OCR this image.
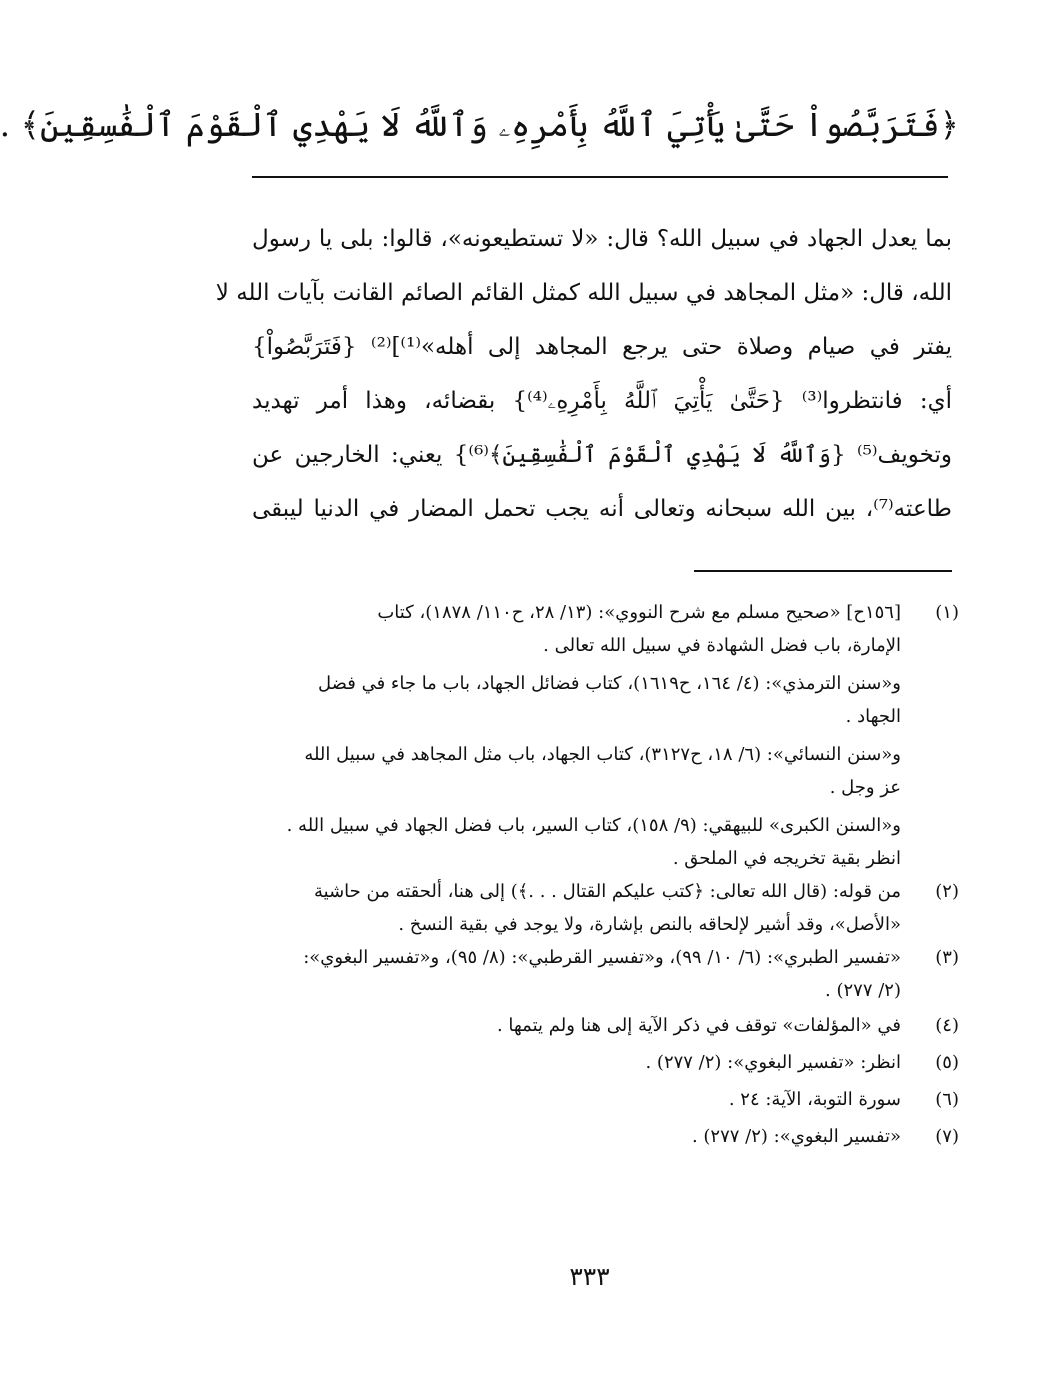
﴿فَتَرَبَّصُواْ حَتَّىٰ يَأْتِيَ ٱللَّهُ بِأَمْرِهِۦ وَٱللَّهُ لَا يَهْدِي ٱلْقَوْمَ ٱلْفَٰسِقِينَ﴾ .
بما يعدل الجهاد في سبيل الله؟ قال: «لا تستطيعونه»، قالوا: بلى يا رسول
الله، قال: «مثل المجاهد في سبيل الله كمثل القائم الصائم القانت بآيات الله لا
يفتر في صيام وصلاة حتى يرجع المجاهد إلى أهله»⁽¹⁾]⁽²⁾ {فَتَرَبَّصُواْ}
أي: فانتظروا⁽³⁾ {حَتَّىٰ يَأْتِيَ ٱللَّهُ بِأَمْرِهِۦ⁽⁴⁾} بقضائه، وهذا أمر تهديد
وتخويف⁽⁵⁾ {وَٱللَّهُ لَا يَهْدِي ٱلْقَوْمَ ٱلْفَٰسِقِينَ﴾⁽⁶⁾} يعني: الخارجين عن
طاعته⁽⁷⁾، بين الله سبحانه وتعالى أنه يجب تحمل المضار في الدنيا ليبقى
(١)
[١٥٦ح] «صحيح مسلم مع شرح النووي»: (١٣/ ٢٨، ح١١٠/ ١٨٧٨)، كتاب
الإمارة، باب فضل الشهادة في سبيل الله تعالى .
و«سنن الترمذي»: (٤/ ١٦٤، ح١٦١٩)، كتاب فضائل الجهاد، باب ما جاء في فضل
الجهاد .
و«سنن النسائي»: (٦/ ١٨، ح٣١٢٧)، كتاب الجهاد، باب مثل المجاهد في سبيل الله
عز وجل .
و«السنن الكبرى» للبيهقي: (٩/ ١٥٨)، كتاب السير، باب فضل الجهاد في سبيل الله .
انظر بقية تخريجه في الملحق .
(٢)
من قوله: (قال الله تعالى: ﴿كتب عليكم القتال . . .﴾) إلى هنا، ألحقته من حاشية
«الأصل»، وقد أشير لإلحاقه بالنص بإشارة، ولا يوجد في بقية النسخ .
(٣)
«تفسير الطبري»: (٦/ ١٠/ ٩٩)، و«تفسير القرطبي»: (٨/ ٩٥)، و«تفسير البغوي»:
(٢/ ٢٧٧) .
(٤)
في «المؤلفات» توقف في ذكر الآية إلى هنا ولم يتمها .
(٥)
انظر: «تفسير البغوي»: (٢/ ٢٧٧) .
(٦)
سورة التوبة، الآية: ٢٤ .
(٧)
«تفسير البغوي»: (٢/ ٢٧٧) .
٣٣٣
